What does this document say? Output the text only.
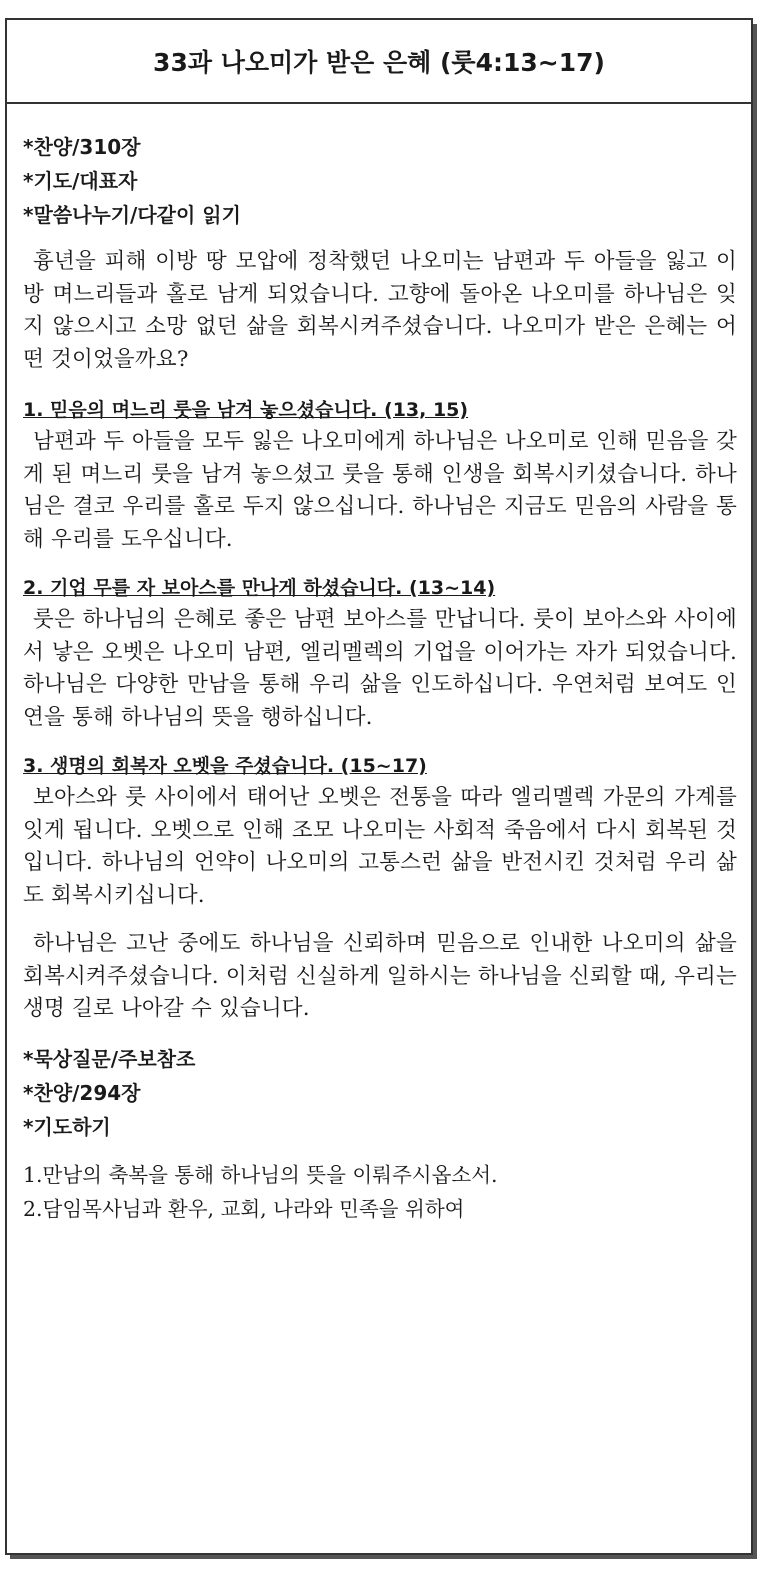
33과 나오미가 받은 은혜 (룻4:13~17)

*찬양/310장

*기도/대표자

*말씀나누기/다같이 읽기

흉년을 피해 이방 땅 모압에 정착했던 나오미는 남편과 두 아들을 잃고 이방 며느리들과 홀로 남게 되었습니다. 고향에 돌아온 나오미를 하나님은 잊지 않으시고 소망 없던 삶을 회복시켜주셨습니다. 나오미가 받은 은혜는 어떤 것이었을까요?

1. 믿음의 며느리 룻을 남겨 놓으셨습니다. (13, 15)

남편과 두 아들을 모두 잃은 나오미에게 하나님은 나오미로 인해 믿음을 갖게 된 며느리 룻을 남겨 놓으셨고 룻을 통해 인생을 회복시키셨습니다. 하나님은 결코 우리를 홀로 두지 않으십니다. 하나님은 지금도 믿음의 사람을 통해 우리를 도우십니다.

2. 기업 무를 자 보아스를 만나게 하셨습니다. (13~14)

룻은 하나님의 은혜로 좋은 남편 보아스를 만납니다. 룻이 보아스와 사이에서 낳은 오벳은 나오미 남편, 엘리멜렉의 기업을 이어가는 자가 되었습니다. 하나님은 다양한 만남을 통해 우리 삶을 인도하십니다. 우연처럼 보여도 인연을 통해 하나님의 뜻을 행하십니다.

3. 생명의 회복자 오벳을 주셨습니다. (15~17)

보아스와 룻 사이에서 태어난 오벳은 전통을 따라 엘리멜렉 가문의 가계를 잇게 됩니다. 오벳으로 인해 조모 나오미는 사회적 죽음에서 다시 회복된 것입니다. 하나님의 언약이 나오미의 고통스런 삶을 반전시킨 것처럼 우리 삶도 회복시키십니다.

하나님은 고난 중에도 하나님을 신뢰하며 믿음으로 인내한 나오미의 삶을 회복시켜주셨습니다. 이처럼 신실하게 일하시는 하나님을 신뢰할 때, 우리는 생명 길로 나아갈 수 있습니다.

*묵상질문/주보참조

*찬양/294장

*기도하기

1.만남의 축복을 통해 하나님의 뜻을 이뤄주시옵소서.

2.담임목사님과 환우, 교회, 나라와 민족을 위하여
